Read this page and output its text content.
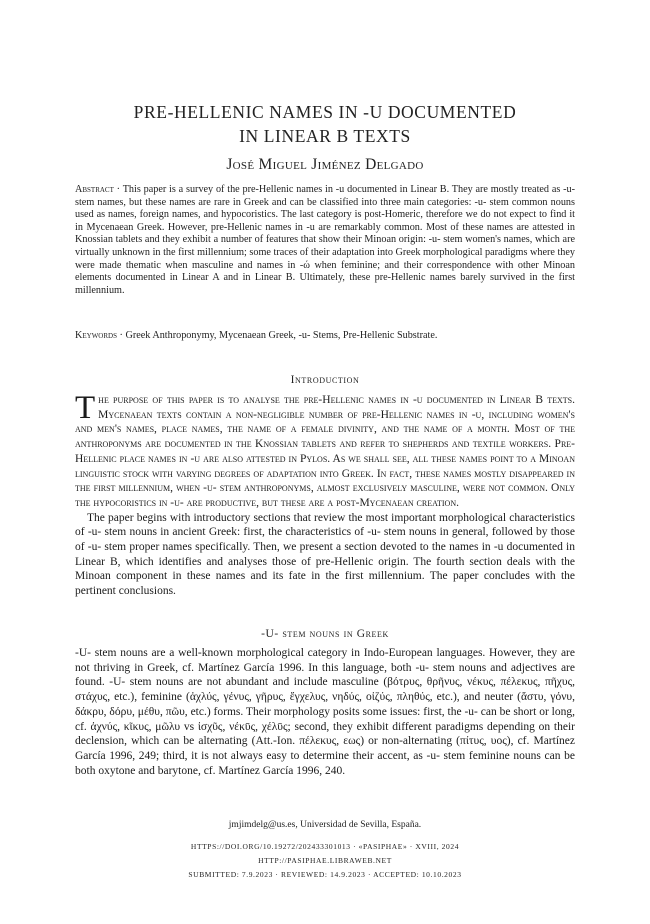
PRE-HELLENIC NAMES IN -U DOCUMENTED
IN LINEAR B TEXTS
José Miguel Jiménez Delgado
Abstract · This paper is a survey of the pre-Hellenic names in -u documented in Linear B. They are mostly treated as -u- stem names, but these names are rare in Greek and can be classified into three main categories: -u- stem common nouns used as names, foreign names, and hypocoristics. The last category is post-Homeric, therefore we do not expect to find it in Mycenaean Greek. However, pre-Hellenic names in -u are remarkably common. Most of these names are attested in Knossian tablets and they exhibit a number of features that show their Minoan origin: -u- stem women's names, which are virtually unknown in the first millennium; some traces of their adaptation into Greek morphological paradigms where they were made thematic when masculine and names in -ώ when feminine; and their correspondence with other Minoan elements documented in Linear A and in Linear B. Ultimately, these pre-Hellenic names barely survived in the first millennium.
Keywords · Greek Anthroponymy, Mycenaean Greek, -u- Stems, Pre-Hellenic Substrate.
Introduction

The purpose of this paper is to analyse the pre-Hellenic names in -u documented in Linear B texts. Mycenaean texts contain a non-negligible number of pre-Hellenic names in -u, including women's and men's names, place names, the name of a female divinity, and the name of a month. Most of the anthroponyms are documented in the Knossian tablets and refer to shepherds and textile workers. Pre-Hellenic place names in -u are also attested in Pylos. As we shall see, all these names point to a Minoan linguistic stock with varying degrees of adaptation into Greek. In fact, these names mostly disappeared in the first millennium, when -u- stem anthroponyms, almost exclusively masculine, were not common. Only the hypocoristics in -u- are productive, but these are a post-Mycenaean creation.

The paper begins with introductory sections that review the most important morphological characteristics of -u- stem nouns in ancient Greek: first, the characteristics of -u- stem nouns in general, followed by those of -u- stem proper names specifically. Then, we present a section devoted to the names in -u documented in Linear B, which identifies and analyses those of pre-Hellenic origin. The fourth section deals with the Minoan component in these names and its fate in the first millennium. The paper concludes with the pertinent conclusions.

-U- stem nouns in Greek

-U- stem nouns are a well-known morphological category in Indo-European languages. However, they are not thriving in Greek, cf. Martínez García 1996. In this language, both -u- stem nouns and adjectives are found. -U- stem nouns are not abundant and include masculine (βότρυς, θρῆνυς, νέκυς, πέλεκυς, πῆχυς, στάχυς, etc.), feminine (ἀχλύς, γένυς, γῆρυς, ἔγχελυς, νηδύς, οἰζύς, πληθύς, etc.), and neuter (ἄστυ, γόνυ, δάκρυ, δόρυ, μέθυ, πῶυ, etc.) forms. Their morphology posits some issues: first, the -u- can be short or long, cf. ἀχνύς, κῖκυς, μῶλυ vs ἰσχῦς, νέκῡς, χέλῡς; second, they exhibit different paradigms depending on their declension, which can be alternating (Att.-Ion. πέλεκυς, εως) or non-alternating (πίτυς, υος), cf. Martínez García 1996, 249; third, it is not always easy to determine their accent, as -u- stem feminine nouns can be both oxytone and barytone, cf. Martínez García 1996, 240.

jmjimdelg@us.es, Universidad de Sevilla, España.
HTTPS://DOI.ORG/10.19272/202433301013 · «PASIPHAE» · XVIII, 2024
HTTP://PASIPHAE.LIBRAWEB.NET
SUBMITTED: 7.9.2023 · REVIEWED: 14.9.2023 · ACCEPTED: 10.10.2023
